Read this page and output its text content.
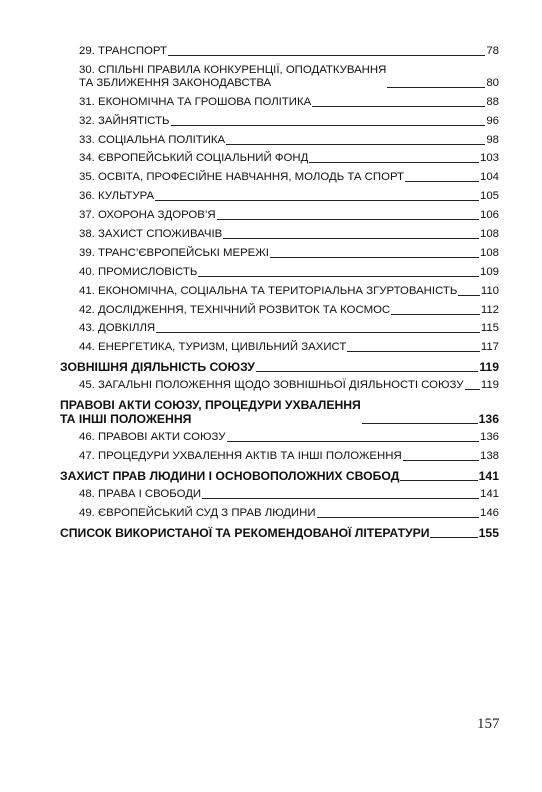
29. ТРАНСПОРТ	78
30. СПІЛЬНІ ПРАВИЛА КОНКУРЕНЦІЇ, ОПОДАТКУВАННЯ
ТА ЗБЛИЖЕННЯ ЗАКОНОДАВСТВА	80
31. ЕКОНОМІЧНА ТА ГРОШОВА ПОЛІТИКА	88
32. ЗАЙНЯТІСТЬ	96
33. СОЦІАЛЬНА ПОЛІТИКА	98
34. ЄВРОПЕЙСЬКИЙ СОЦІАЛЬНИЙ ФОНД	103
35. ОСВІТА, ПРОФЕСІЙНЕ НАВЧАННЯ, МОЛОДЬ ТА СПОРТ	104
36. КУЛЬТУРА	105
37. ОХОРОНА ЗДОРОВ’Я	106
38. ЗАХИСТ СПОЖИВАЧІВ	108
39. ТРАНС’ЄВРОПЕЙСЬКІ МЕРЕЖІ	108
40. ПРОМИСЛОВІСТЬ	109
41. ЕКОНОМІЧНА, СОЦІАЛЬНА ТА ТЕРИТОРІАЛЬНА ЗГУРТОВАНІСТЬ 110
42. ДОСЛІДЖЕННЯ, ТЕХНІЧНИЙ РОЗВИТОК ТА КОСМОС	112
43. ДОВКІЛЛЯ	115
44. ЕНЕРГЕТИКА, ТУРИЗМ, ЦИВІЛЬНИЙ ЗАХИСТ	117
ЗОВНІШНЯ ДІЯЛЬНІСТЬ СОЮЗУ	119
45. ЗАГАЛЬНІ ПОЛОЖЕННЯ ЩОДО ЗОВНІШНЬОЇ ДІЯЛЬНОСТІ СОЮЗУ 119
ПРАВОВІ АКТИ СОЮЗУ, ПРОЦЕДУРИ УХВАЛЕННЯ
ТА ІНШІ ПОЛОЖЕННЯ	136
46. ПРАВОВІ АКТИ СОЮЗУ	136
47. ПРОЦЕДУРИ УХВАЛЕННЯ АКТІВ ТА ІНШІ ПОЛОЖЕННЯ	138
ЗАХИСТ ПРАВ ЛЮДИНИ І ОСНОВОПОЛОЖНИХ СВОБОД	141
48. ПРАВА І СВОБОДИ	141
49. ЄВРОПЕЙСЬКИЙ СУД З ПРАВ ЛЮДИНИ	146
СПИСОК ВИКОРИСТАНОЇ ТА РЕКОМЕНДОВАНОЇ ЛІТЕРАТУРИ	155
157
